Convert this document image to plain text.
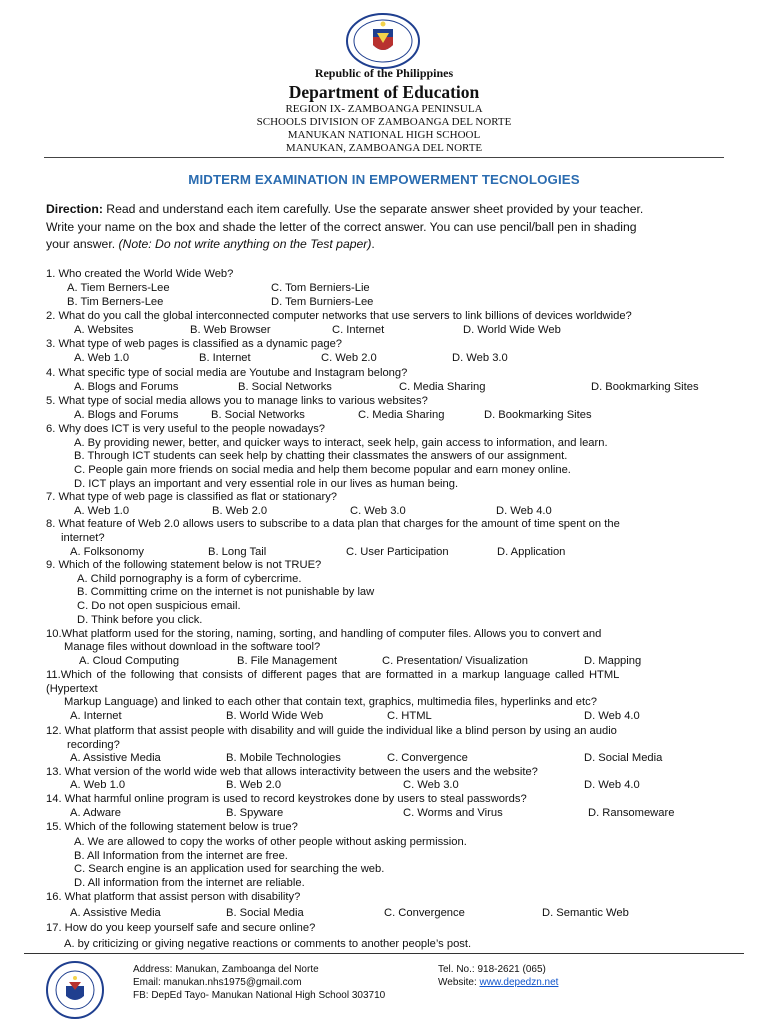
Republic of the Philippines
Department of Education
REGION IX- ZAMBOANGA PENINSULA
SCHOOLS DIVISION OF ZAMBOANGA DEL NORTE
MANUKAN NATIONAL HIGH SCHOOL
MANUKAN, ZAMBOANGA DEL NORTE
MIDTERM EXAMINATION IN EMPOWERMENT TECNOLOGIES
Direction: Read and understand each item carefully. Use the separate answer sheet provided by your teacher.
Write your name on the box and shade the letter of the correct answer. You can use pencil/ball pen in shading
your answer. (Note: Do not write anything on the Test paper).
1. Who created the World Wide Web?
A. Tiem Berners-Lee	C. Tom Berniers-Lie
B. Tim Berners-Lee	D. Tem Burniers-Lee
2. What do you call the global interconnected computer networks that use servers to link billions of devices worldwide?
A. Websites	B. Web Browser	C. Internet	D. World Wide Web
3. What type of web pages is classified as a dynamic page?
A. Web 1.0	B. Internet	C. Web 2.0	D. Web 3.0
4. What specific type of social media are Youtube and Instagram belong?
A. Blogs and Forums	B. Social Networks	C. Media Sharing	D. Bookmarking Sites
5. What type of social media allows you to manage links to various websites?
A. Blogs and Forums	B. Social Networks	C. Media Sharing	D. Bookmarking Sites
6. Why does ICT is very useful to the people nowadays?
A. By providing newer, better, and quicker ways to interact, seek help, gain access to information, and learn.
B. Through ICT students can seek help by chatting their classmates the answers of our assignment.
C. People gain more friends on social media and help them become popular and earn money online.
D. ICT plays an important and very essential role in our lives as human being.
7. What type of web page is classified as flat or stationary?
A. Web 1.0	B. Web 2.0	C. Web 3.0	D. Web 4.0
8. What feature of Web 2.0 allows users to subscribe to a data plan that charges for the amount of time spent on the
internet?
A. Folksonomy	B. Long Tail	C. User Participation	D. Application
9. Which of the following statement below is not TRUE?
A. Child pornography is a form of cybercrime.
B. Committing crime on the internet is not punishable by law
C. Do not open suspicious email.
D. Think before you click.
10.What platform used for the storing, naming, sorting, and handling of computer files. Allows you to convert and
Manage files without download in the software tool?
A. Cloud Computing	B. File Management	C. Presentation/ Visualization	D. Mapping
11.Which of the following that consists of different pages that are formatted in a markup language called HTML
(Hypertext
Markup Language) and linked to each other that contain text, graphics, multimedia files, hyperlinks and etc?
A. Internet	B. World Wide Web	C. HTML	D. Web 4.0
12. What platform that assist people with disability and will guide the individual like a blind person by using an audio
recording?
A. Assistive Media	B. Mobile Technologies	C. Convergence	D. Social Media
13. What version of the world wide web that allows interactivity between the users and the website?
A. Web 1.0	B. Web 2.0	C. Web 3.0	D. Web 4.0
14. What harmful online program is used to record keystrokes done by users to steal passwords?
A. Adware	B. Spyware	C. Worms and Virus	D. Ransomeware
15. Which of the following statement below is true?
A. We are allowed to copy the works of other people without asking permission.
B. All Information from the internet are free.
C. Search engine is an application used for searching the web.
D. All information from the internet are reliable.
16. What platform that assist person with disability?
A. Assistive Media	B. Social Media	C. Convergence	D. Semantic Web
17. How do you keep yourself safe and secure online?
A. by criticizing or giving negative reactions or comments to another people’s post.
Address: Manukan, Zamboanga del Norte
Email: manukan.nhs1975@gmail.com
FB: DepEd Tayo- Manukan National High School 303710
Tel. No.: 918-2621 (065)
Website: www.depedzn.net
